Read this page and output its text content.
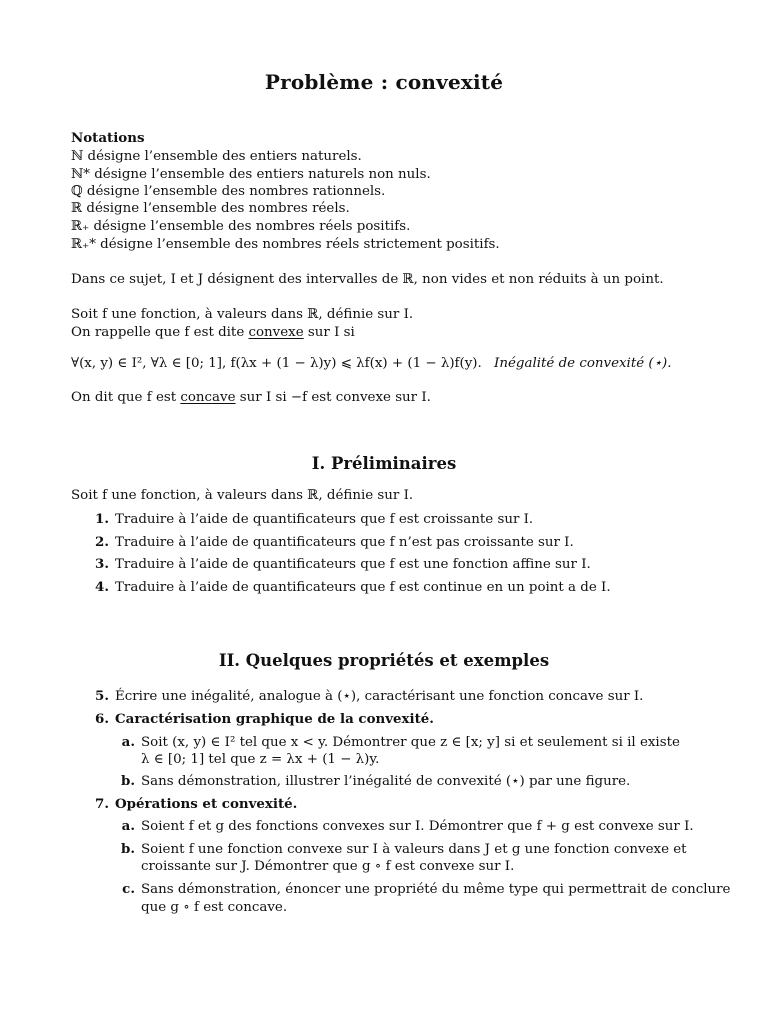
Problème : convexité
Notations
ℕ désigne l’ensemble des entiers naturels.
ℕ* désigne l’ensemble des entiers naturels non nuls.
ℚ désigne l’ensemble des nombres rationnels.
ℝ désigne l’ensemble des nombres réels.
ℝ₊ désigne l’ensemble des nombres réels positifs.
ℝ₊* désigne l’ensemble des nombres réels strictement positifs.
Dans ce sujet, I et J désignent des intervalles de ℝ, non vides et non réduits à un point.
Soit f une fonction, à valeurs dans ℝ, définie sur I.
On rappelle que f est dite convexe sur I si
∀(x, y) ∈ I², ∀λ ∈ [0; 1], f(λx + (1 − λ)y) ⩽ λf(x) + (1 − λ)f(y). Inégalité de convexité (⋆).
On dit que f est concave sur I si −f est convexe sur I.
I. Préliminaires
Soit f une fonction, à valeurs dans ℝ, définie sur I.
1. Traduire à l’aide de quantificateurs que f est croissante sur I.
2. Traduire à l’aide de quantificateurs que f n’est pas croissante sur I.
3. Traduire à l’aide de quantificateurs que f est une fonction affine sur I.
4. Traduire à l’aide de quantificateurs que f est continue en un point a de I.
II. Quelques propriétés et exemples
5. Écrire une inégalité, analogue à (⋆), caractérisant une fonction concave sur I.
6. Caractérisation graphique de la convexité.
a. Soit (x, y) ∈ I² tel que x < y. Démontrer que z ∈ [x; y] si et seulement si il existe
λ ∈ [0; 1] tel que z = λx + (1 − λ)y.
b. Sans démonstration, illustrer l’inégalité de convexité (⋆) par une figure.
7. Opérations et convexité.
a. Soient f et g des fonctions convexes sur I. Démontrer que f + g est convexe sur I.
b. Soient f une fonction convexe sur I à valeurs dans J et g une fonction convexe et
croissante sur J. Démontrer que g ∘ f est convexe sur I.
c. Sans démonstration, énoncer une propriété du même type qui permettrait de conclure
que g ∘ f est concave.
